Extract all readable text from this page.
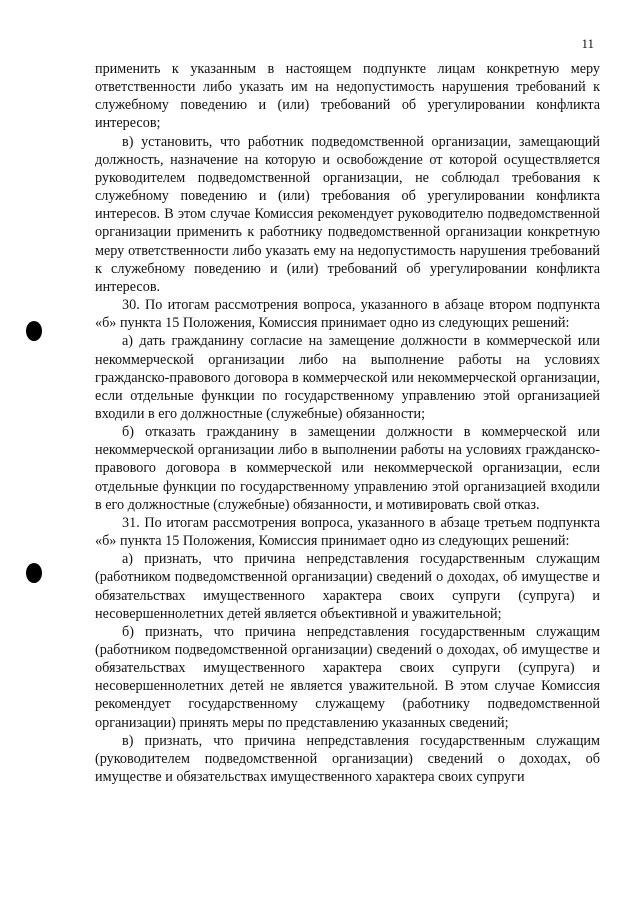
11

применить к указанным в настоящем подпункте лицам конкретную меру ответственности либо указать им на недопустимость нарушения требований к служебному поведению и (или) требований об урегулировании конфликта интересов;

в) установить, что работник подведомственной организации, замещающий должность, назначение на которую и освобождение от которой осуществляется руководителем подведомственной организации, не соблюдал требования к служебному поведению и (или) требования об урегулировании конфликта интересов. В этом случае Комиссия рекомендует руководителю подведомственной организации применить к работнику подведомственной организации конкретную меру ответственности либо указать ему на недопустимость нарушения требований к служебному поведению и (или) требований об урегулировании конфликта интересов.

30. По итогам рассмотрения вопроса, указанного в абзаце втором подпункта «б» пункта 15 Положения, Комиссия принимает одно из следующих решений:

а) дать гражданину согласие на замещение должности в коммерческой или некоммерческой организации либо на выполнение работы на условиях гражданско-правового договора в коммерческой или некоммерческой организации, если отдельные функции по государственному управлению этой организацией входили в его должностные (служебные) обязанности;

б) отказать гражданину в замещении должности в коммерческой или некоммерческой организации либо в выполнении работы на условиях гражданско-правового договора в коммерческой или некоммерческой организации, если отдельные функции по государственному управлению этой организацией входили в его должностные (служебные) обязанности, и мотивировать свой отказ.

31. По итогам рассмотрения вопроса, указанного в абзаце третьем подпункта «б» пункта 15 Положения, Комиссия принимает одно из следующих решений:

а) признать, что причина непредставления государственным служащим (работником подведомственной организации) сведений о доходах, об имуществе и обязательствах имущественного характера своих супруги (супруга) и несовершеннолетних детей является объективной и уважительной;

б) признать, что причина непредставления государственным служащим (работником подведомственной организации) сведений о доходах, об имуществе и обязательствах имущественного характера своих супруги (супруга) и несовершеннолетних детей не является уважительной. В этом случае Комиссия рекомендует государственному служащему (работнику подведомственной организации) принять меры по представлению указанных сведений;

в) признать, что причина непредставления государственным служащим (руководителем подведомственной организации) сведений о доходах, об имуществе и обязательствах имущественного характера своих супруги
